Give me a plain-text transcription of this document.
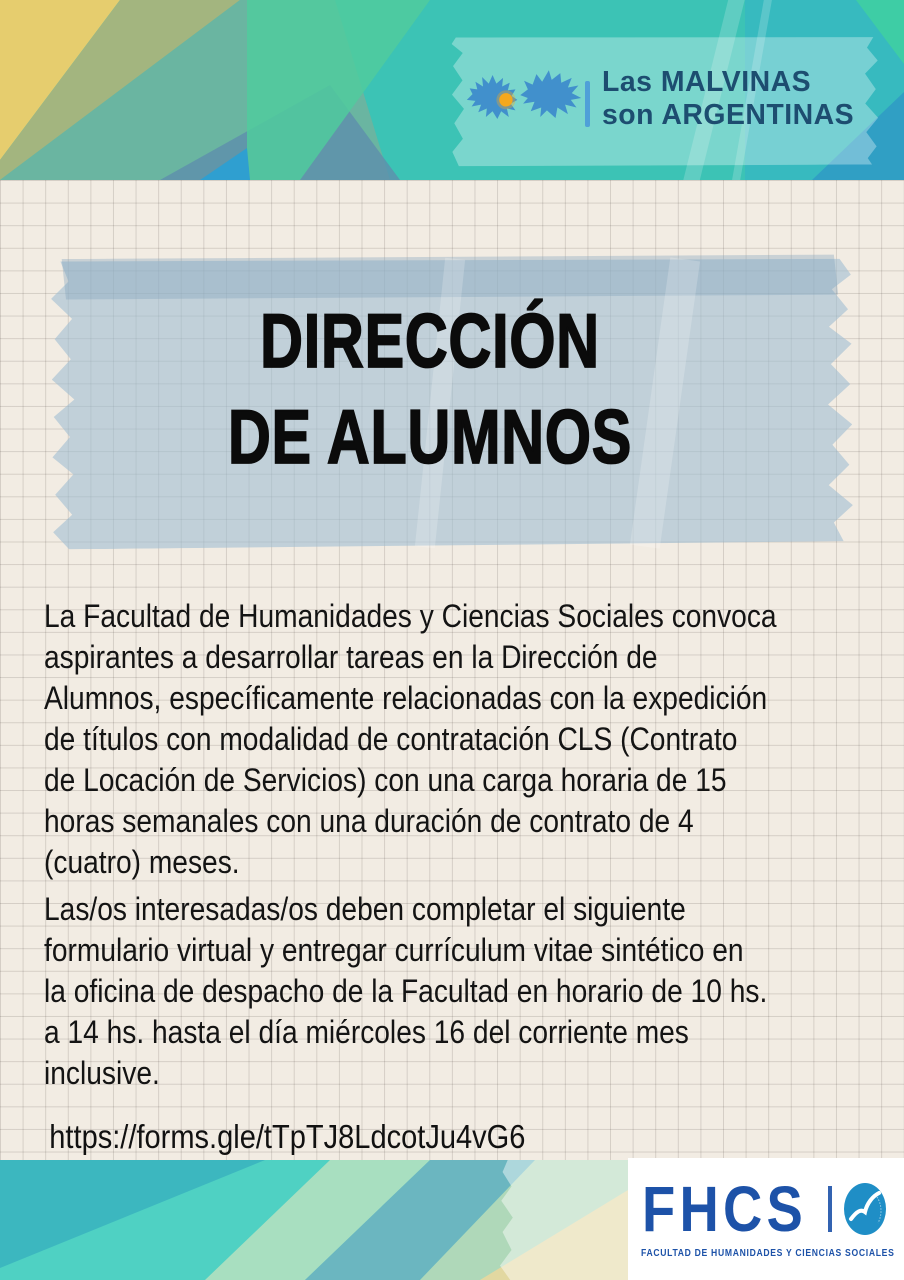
Las MALVINAS
son ARGENTINAS
DIRECCIÓN
DE ALUMNOS
La Facultad de Humanidades y Ciencias Sociales convoca
aspirantes a desarrollar tareas en la Dirección de
Alumnos, específicamente relacionadas con la expedición
de títulos con modalidad de contratación CLS (Contrato
de Locación de Servicios) con una carga horaria de 15
horas semanales con una duración de contrato de 4
(cuatro) meses.
Las/os interesadas/os deben completar el siguiente
formulario virtual y entregar currículum vitae sintético en
la oficina de despacho de la Facultad en horario de 10 hs.
a 14 hs. hasta el día miércoles 16 del corriente mes
inclusive.
https://forms.gle/tTpTJ8LdcotJu4vG6
FHCS
FACULTAD DE HUMANIDADES Y CIENCIAS SOCIALES
